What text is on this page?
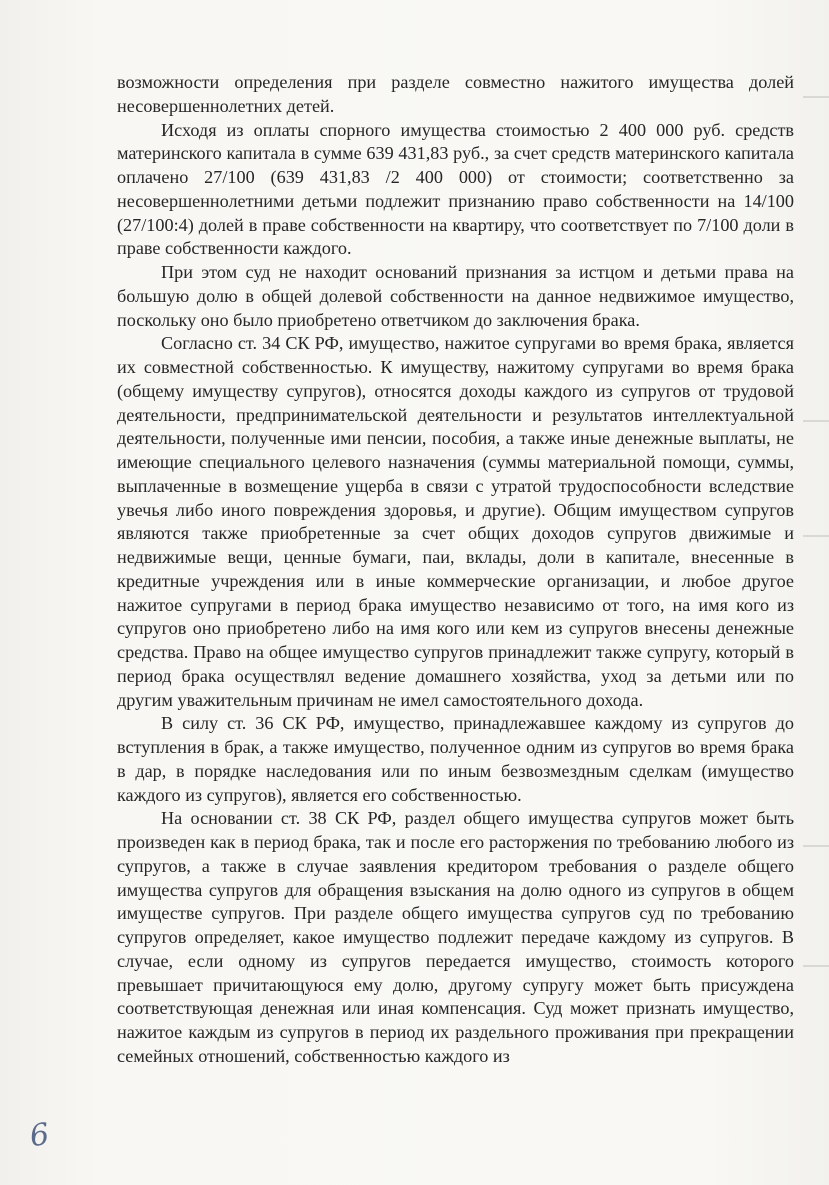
возможности определения при разделе совместно нажитого имущества долей несовершеннолетних детей.

Исходя из оплаты спорного имущества стоимостью 2 400 000 руб. средств материнского капитала в сумме 639 431,83 руб., за счет средств материнского капитала оплачено 27/100 (639 431,83 /2 400 000) от стоимости; соответственно за несовершеннолетними детьми подлежит признанию право собственности на 14/100 (27/100:4) долей в праве собственности на квартиру, что соответствует по 7/100 доли в праве собственности каждого.

При этом суд не находит оснований признания за истцом и детьми права на большую долю в общей долевой собственности на данное недвижимое имущество, поскольку оно было приобретено ответчиком до заключения брака.

Согласно ст. 34 СК РФ, имущество, нажитое супругами во время брака, является их совместной собственностью. К имуществу, нажитому супругами во время брака (общему имуществу супругов), относятся доходы каждого из супругов от трудовой деятельности, предпринимательской деятельности и результатов интеллектуальной деятельности, полученные ими пенсии, пособия, а также иные денежные выплаты, не имеющие специального целевого назначения (суммы материальной помощи, суммы, выплаченные в возмещение ущерба в связи с утратой трудоспособности вследствие увечья либо иного повреждения здоровья, и другие). Общим имуществом супругов являются также приобретенные за счет общих доходов супругов движимые и недвижимые вещи, ценные бумаги, паи, вклады, доли в капитале, внесенные в кредитные учреждения или в иные коммерческие организации, и любое другое нажитое супругами в период брака имущество независимо от того, на имя кого из супругов оно приобретено либо на имя кого или кем из супругов внесены денежные средства. Право на общее имущество супругов принадлежит также супругу, который в период брака осуществлял ведение домашнего хозяйства, уход за детьми или по другим уважительным причинам не имел самостоятельного дохода.

В силу ст. 36 СК РФ, имущество, принадлежавшее каждому из супругов до вступления в брак, а также имущество, полученное одним из супругов во время брака в дар, в порядке наследования или по иным безвозмездным сделкам (имущество каждого из супругов), является его собственностью.

На основании ст. 38 СК РФ, раздел общего имущества супругов может быть произведен как в период брака, так и после его расторжения по требованию любого из супругов, а также в случае заявления кредитором требования о разделе общего имущества супругов для обращения взыскания на долю одного из супругов в общем имуществе супругов. При разделе общего имущества супругов суд по требованию супругов определяет, какое имущество подлежит передаче каждому из супругов. В случае, если одному из супругов передается имущество, стоимость которого превышает причитающуюся ему долю, другому супругу может быть присуждена соответствующая денежная или иная компенсация. Суд может признать имущество, нажитое каждым из супругов в период их раздельного проживания при прекращении семейных отношений, собственностью каждого из

6
